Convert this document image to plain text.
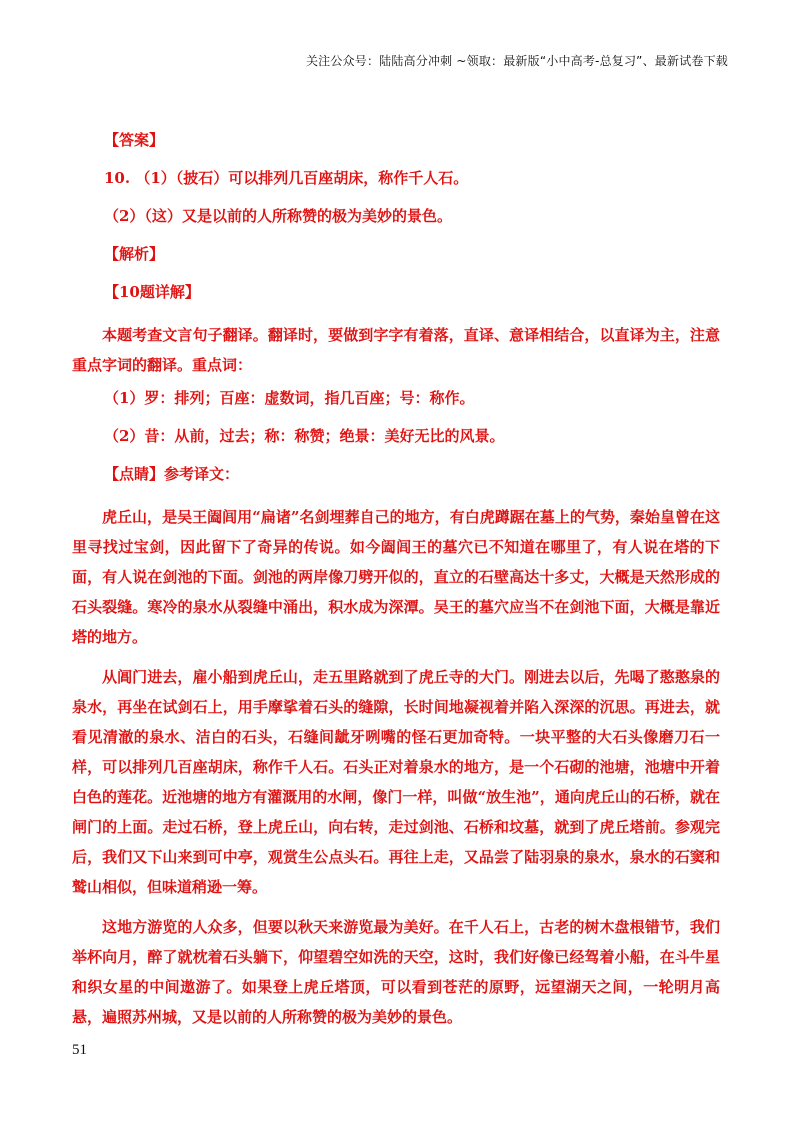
关注公众号：陆陆高分冲刺 ~领取：最新版“小中高考-总复习”、最新试卷下载

【答案】

10. （1）（披石）可以排列几百座胡床，称作千人石。

（2）（这）又是以前的人所称赞的极为美妙的景色。

【解析】

【10题详解】

本题考查文言句子翻译。翻译时，要做到字字有着落，直译、意译相结合，以直译为主，注意重点字词的翻译。重点词：

（1）罗：排列；百座：虚数词，指几百座；号：称作。

（2）昔：从前，过去；称：称赞；绝景：美好无比的风景。

【点睛】参考译文：

虎丘山，是吴王阖闾用“扁诸”名剑埋葬自己的地方，有白虎蹲踞在墓上的气势，秦始皇曾在这里寻找过宝剑，因此留下了奇异的传说。如今阖闾王的墓穴已不知道在哪里了，有人说在塔的下面，有人说在剑池的下面。剑池的两岸像刀劈开似的，直立的石壁高达十多丈，大概是天然形成的石头裂缝。寒冷的泉水从裂缝中涌出，积水成为深潭。吴王的墓穴应当不在剑池下面，大概是靠近塔的地方。

从阊门进去，雇小船到虎丘山，走五里路就到了虎丘寺的大门。刚进去以后，先喝了憨憨泉的泉水，再坐在试剑石上，用手摩挲着石头的缝隙，长时间地凝视着并陷入深深的沉思。再进去，就看见清澈的泉水、洁白的石头，石缝间龇牙咧嘴的怪石更加奇特。一块平整的大石头像磨刀石一样，可以排列几百座胡床，称作千人石。石头正对着泉水的地方，是一个石砌的池塘，池塘中开着白色的莲花。近池塘的地方有灌溉用的水闸，像门一样，叫做“放生池”，通向虎丘山的石桥，就在闸门的上面。走过石桥，登上虎丘山，向右转，走过剑池、石桥和坟墓，就到了虎丘塔前。参观完后，我们又下山来到可中亭，观赏生公点头石。再往上走，又品尝了陆羽泉的泉水，泉水的石窦和鹫山相似，但味道稍逊一筹。

这地方游览的人众多，但要以秋天来游览最为美好。在千人石上，古老的树木盘根错节，我们举杯向月，醉了就枕着石头躺下，仰望碧空如洗的天空，这时，我们好像已经驾着小船，在斗牛星和织女星的中间遨游了。如果登上虎丘塔顶，可以看到苍茫的原野，远望湖天之间，一轮明月高悬，遍照苏州城，又是以前的人所称赞的极为美妙的景色。

51
